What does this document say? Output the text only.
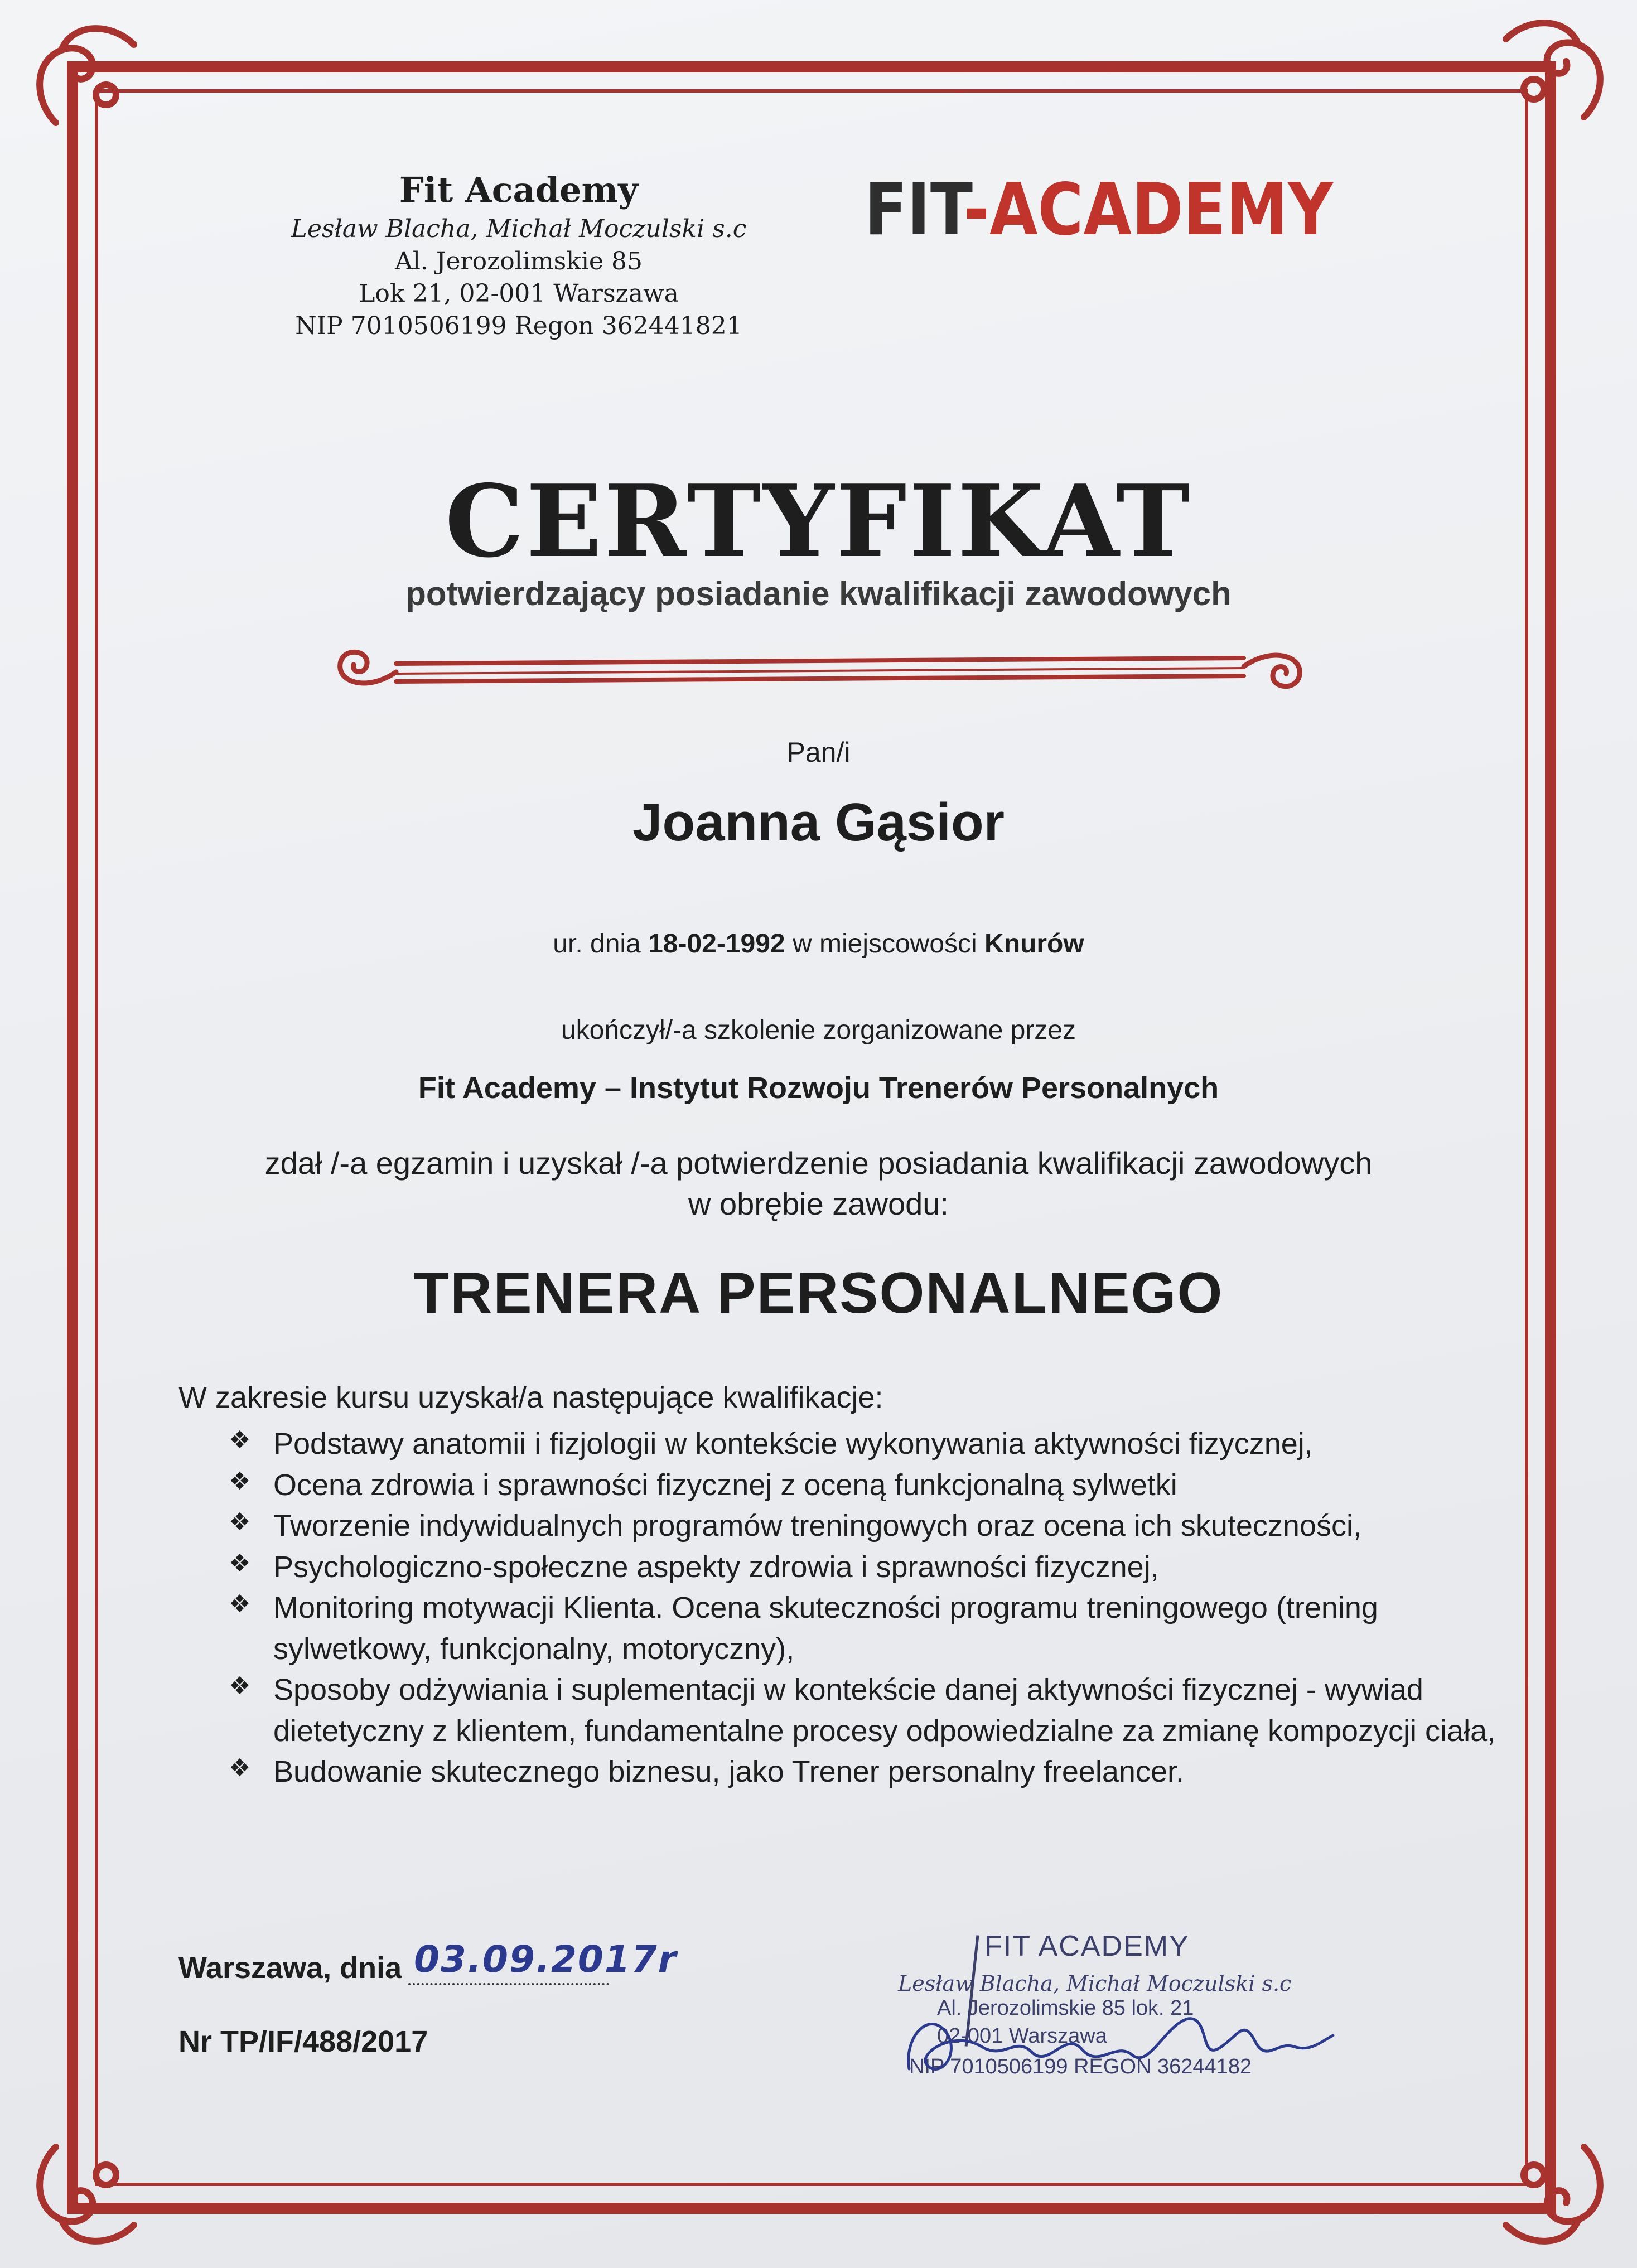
Fit Academy
Lesław Blacha, Michał Moczulski s.c
Al. Jerozolimskie 85
Lok 21, 02-001 Warszawa
NIP 7010506199 Regon 362441821
FIT-ACADEMY
CERTYFIKAT
potwierdzający posiadanie kwalifikacji zawodowych
Pan/i
Joanna Gąsior
ur. dnia 18-02-1992 w miejscowości Knurów
ukończył/-a szkolenie zorganizowane przez
Fit Academy – Instytut Rozwoju Trenerów Personalnych
zdał /-a egzamin i uzyskał /-a potwierdzenie posiadania kwalifikacji zawodowych
w obrębie zawodu:
TRENERA PERSONALNEGO
W zakresie kursu uzyskał/a następujące kwalifikacje:
❖ Podstawy anatomii i fizjologii w kontekście wykonywania aktywności fizycznej,
❖ Ocena zdrowia i sprawności fizycznej z oceną funkcjonalną sylwetki
❖ Tworzenie indywidualnych programów treningowych oraz ocena ich skuteczności,
❖ Psychologiczno-społeczne aspekty zdrowia i sprawności fizycznej,
❖ Monitoring motywacji Klienta. Ocena skuteczności programu treningowego (trening sylwetkowy, funkcjonalny, motoryczny),
❖ Sposoby odżywiania i suplementacji w kontekście danej aktywności fizycznej - wywiad dietetyczny z klientem, fundamentalne procesy odpowiedzialne za zmianę kompozycji ciała,
❖ Budowanie skutecznego biznesu, jako Trener personalny freelancer.
Warszawa, dnia 03.09.2017r
Nr TP/IF/488/2017
FIT ACADEMY
Lesław Blacha, Michał Moczulski s.c
Al. Jerozolimskie 85 lok. 21
02-001 Warszawa
NIP 7010506199 REGON 36244182
